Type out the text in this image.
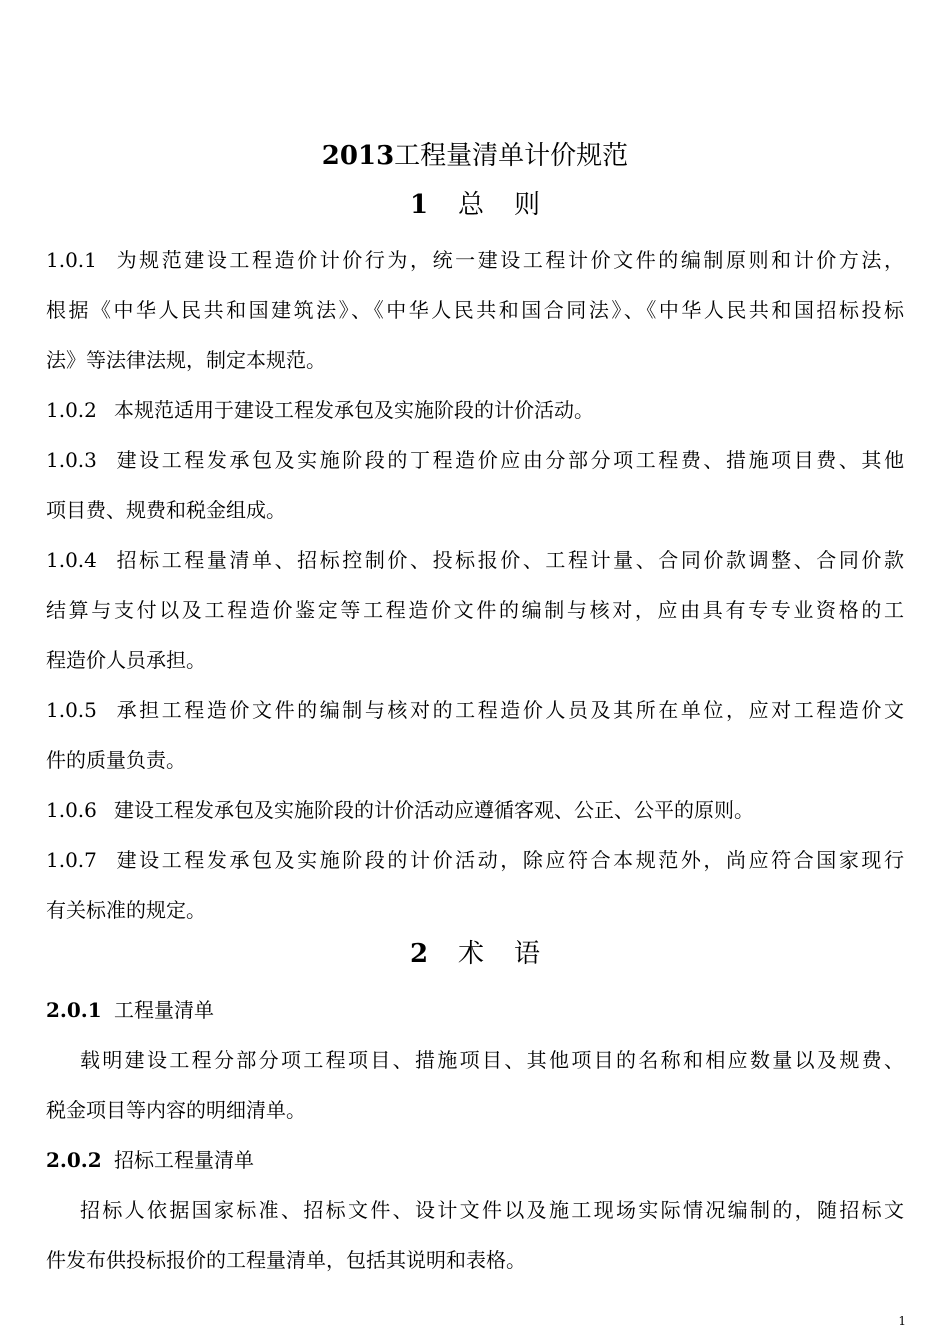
2013工程量清单计价规范
1 总则
1.0.1 为规范建设工程造价计价行为，统一建设工程计价文件的编制原则和计价方法，
根据《中华人民共和国建筑法》、《中华人民共和国合同法》、《中华人民共和国招标投标
法》等法律法规，制定本规范。
1.0.2 本规范适用于建设工程发承包及实施阶段的计价活动。
1.0.3 建设工程发承包及实施阶段的丁程造价应由分部分项工程费、措施项目费、其他
项目费、规费和税金组成。
1.0.4 招标工程量清单、招标控制价、投标报价、工程计量、合同价款调整、合同价款
结算与支付以及工程造价鉴定等工程造价文件的编制与核对，应由具有专专业资格的工
程造价人员承担。
1.0.5 承担工程造价文件的编制与核对的工程造价人员及其所在单位，应对工程造价文
件的质量负责。
1.0.6 建设工程发承包及实施阶段的计价活动应遵循客观、公正、公平的原则。
1.0.7 建设工程发承包及实施阶段的计价活动，除应符合本规范外，尚应符合国家现行
有关标准的规定。
2 术语
2.0.1 工程量清单
载明建设工程分部分项工程项目、措施项目、其他项目的名称和相应数量以及规费、
税金项目等内容的明细清单。
2.0.2 招标工程量清单
招标人依据国家标准、招标文件、设计文件以及施工现场实际情况编制的，随招标文
件发布供投标报价的工程量清单，包括其说明和表格。
1
